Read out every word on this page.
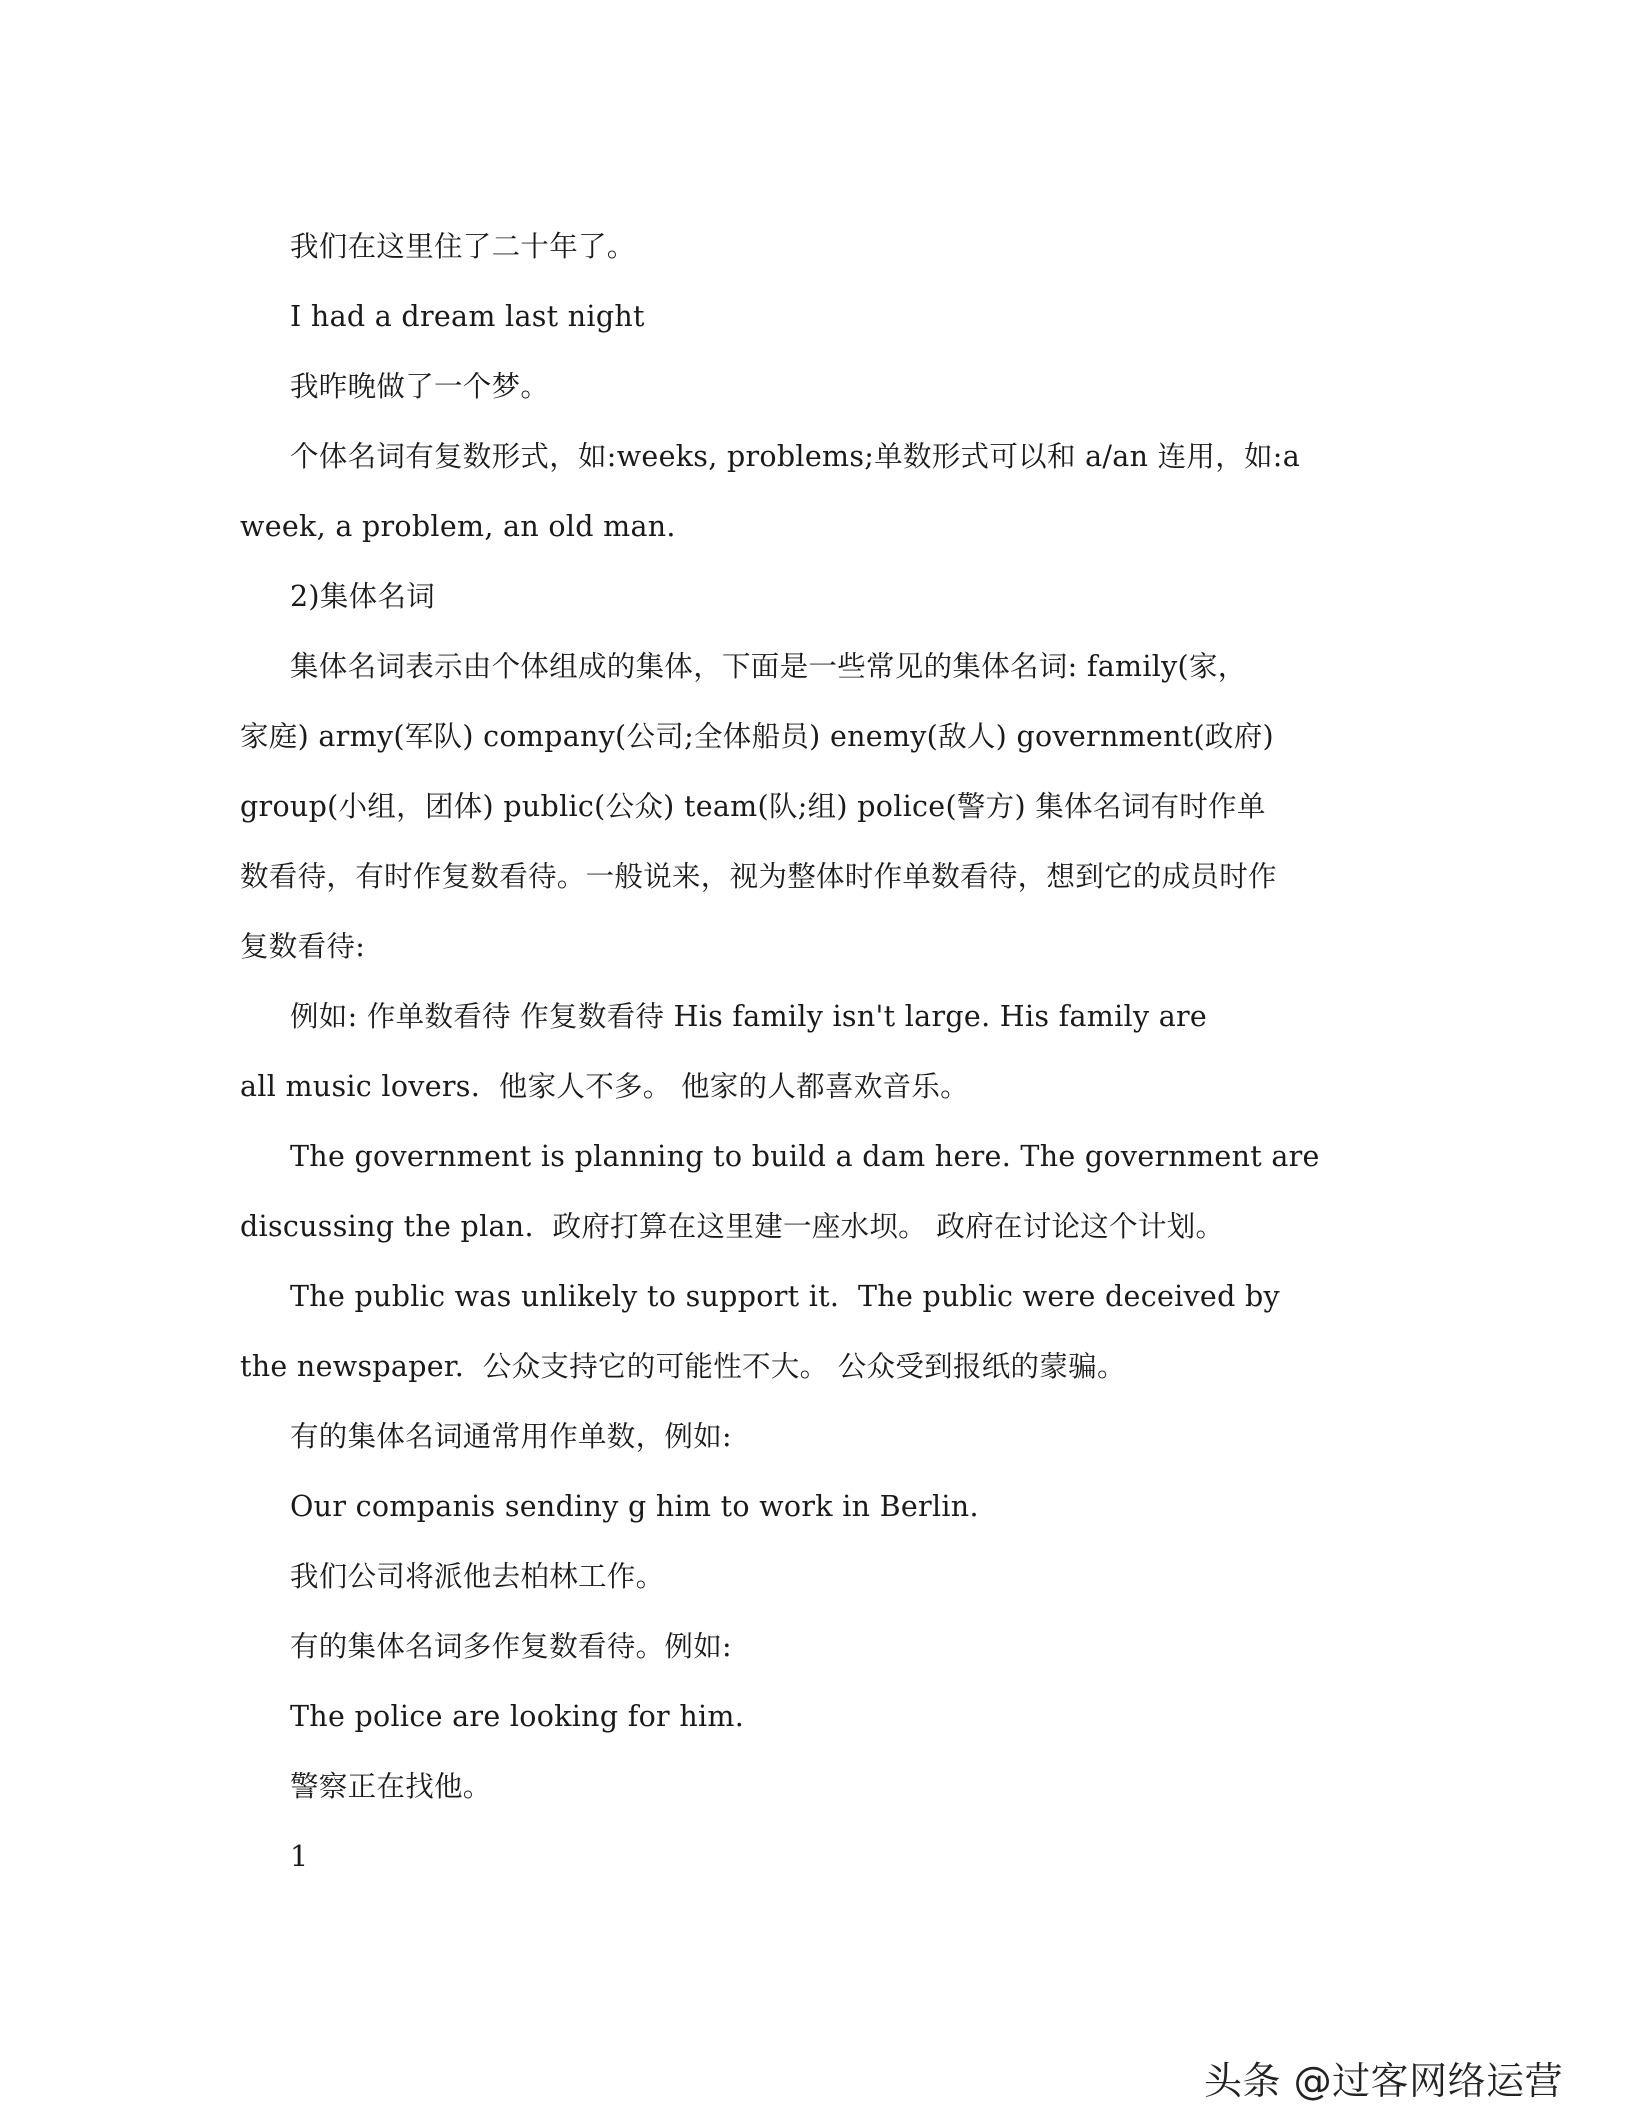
我们在这里住了二十年了。
I had a dream last night
我昨晚做了一个梦。
个体名词有复数形式，如:weeks, problems;单数形式可以和 a/an 连用，如:a
week, a problem, an old man.
2)集体名词
集体名词表示由个体组成的集体，下面是一些常见的集体名词: family(家，
家庭) army(军队) company(公司;全体船员) enemy(敌人) government(政府)
group(小组，团体) public(公众) team(队;组) police(警方) 集体名词有时作单
数看待，有时作复数看待。一般说来，视为整体时作单数看待，想到它的成员时作
复数看待:
例如: 作单数看待 作复数看待 His family isn't large. His family are
all music lovers.  他家人不多。 他家的人都喜欢音乐。
The government is planning to build a dam here. The government are
discussing the plan.  政府打算在这里建一座水坝。 政府在讨论这个计划。
The public was unlikely to support it.  The public were deceived by
the newspaper.  公众支持它的可能性不大。 公众受到报纸的蒙骗。
有的集体名词通常用作单数，例如:
Our companis sendiny g him to work in Berlin.
我们公司将派他去柏林工作。
有的集体名词多作复数看待。例如:
The police are looking for him.
警察正在找他。
1
头条 @过客网络运营
